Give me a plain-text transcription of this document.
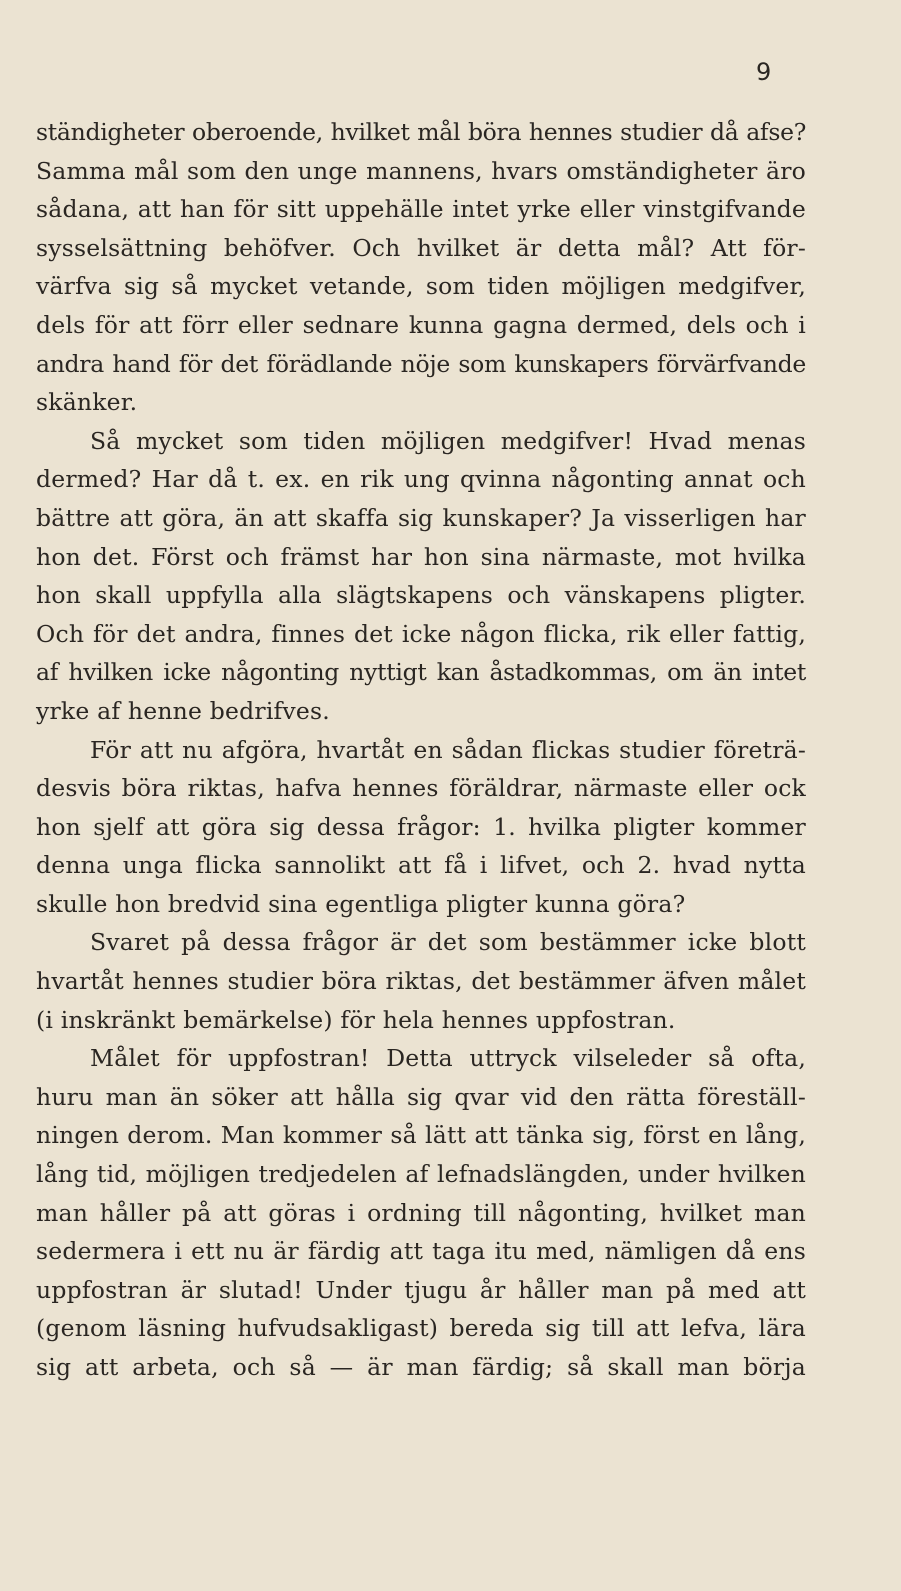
9
ständigheter oberoende, hvilket mål böra hennes studier då afse?
Samma mål som den unge mannens, hvars omständigheter äro
sådana, att han för sitt uppehälle intet yrke eller vinstgifvande
sysselsättning behöfver. Och hvilket är detta mål? Att för-
värfva sig så mycket vetande, som tiden möjligen medgifver,
dels för att förr eller sednare kunna gagna dermed, dels och i
andra hand för det förädlande nöje som kunskapers förvärfvande
skänker.
Så mycket som tiden möjligen medgifver! Hvad menas
dermed? Har då t. ex. en rik ung qvinna någonting annat och
bättre att göra, än att skaffa sig kunskaper? Ja visserligen har
hon det. Först och främst har hon sina närmaste, mot hvilka
hon skall uppfylla alla slägtskapens och vänskapens pligter.
Och för det andra, finnes det icke någon flicka, rik eller fattig,
af hvilken icke någonting nyttigt kan åstadkommas, om än intet
yrke af henne bedrifves.
För att nu afgöra, hvartåt en sådan flickas studier företrä-
desvis böra riktas, hafva hennes föräldrar, närmaste eller ock
hon sjelf att göra sig dessa frågor: 1. hvilka pligter kommer
denna unga flicka sannolikt att få i lifvet, och 2. hvad nytta
skulle hon bredvid sina egentliga pligter kunna göra?
Svaret på dessa frågor är det som bestämmer icke blott
hvartåt hennes studier böra riktas, det bestämmer äfven målet
(i inskränkt bemärkelse) för hela hennes uppfostran.
Målet för uppfostran! Detta uttryck vilseleder så ofta,
huru man än söker att hålla sig qvar vid den rätta föreställ-
ningen derom. Man kommer så lätt att tänka sig, först en lång,
lång tid, möjligen tredjedelen af lefnadslängden, under hvilken
man håller på att göras i ordning till någonting, hvilket man
sedermera i ett nu är färdig att taga itu med, nämligen då ens
uppfostran är slutad! Under tjugu år håller man på med att
(genom läsning hufvudsakligast) bereda sig till att lefva, lära
sig att arbeta, och så — är man färdig; så skall man börja
